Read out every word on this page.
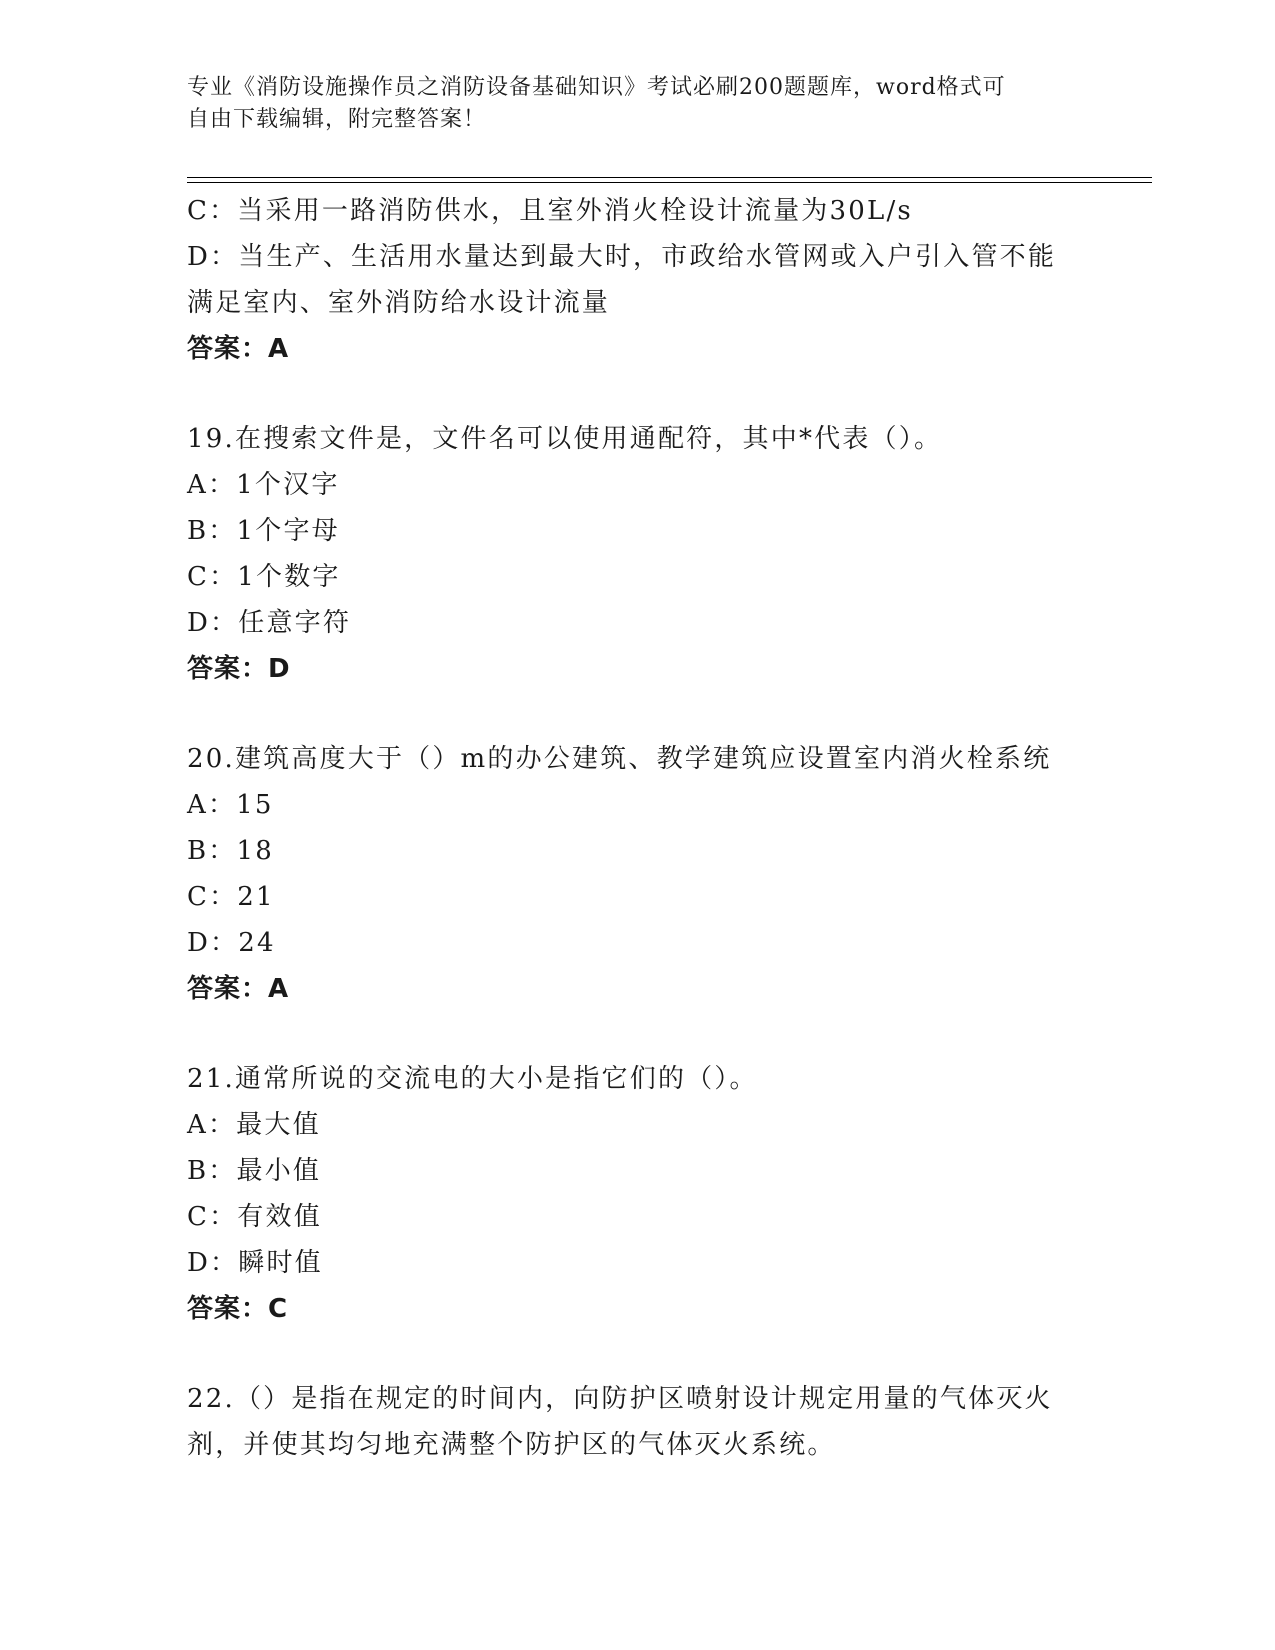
专业《消防设施操作员之消防设备基础知识》考试必刷200题题库，word格式可
自由下载编辑，附完整答案！
C：当采用一路消防供水，且室外消火栓设计流量为30L/s
D：当生产、生活用水量达到最大时，市政给水管网或入户引入管不能
满足室内、室外消防给水设计流量
答案：A
19.在搜索文件是，文件名可以使用通配符，其中*代表（）。
A：1个汉字
B：1个字母
C：1个数字
D：任意字符
答案：D
20.建筑高度大于（）m的办公建筑、教学建筑应设置室内消火栓系统
A：15
B：18
C：21
D：24
答案：A
21.通常所说的交流电的大小是指它们的（）。
A：最大值
B：最小值
C：有效值
D：瞬时值
答案：C
22.（）是指在规定的时间内，向防护区喷射设计规定用量的气体灭火
剂，并使其均匀地充满整个防护区的气体灭火系统。
